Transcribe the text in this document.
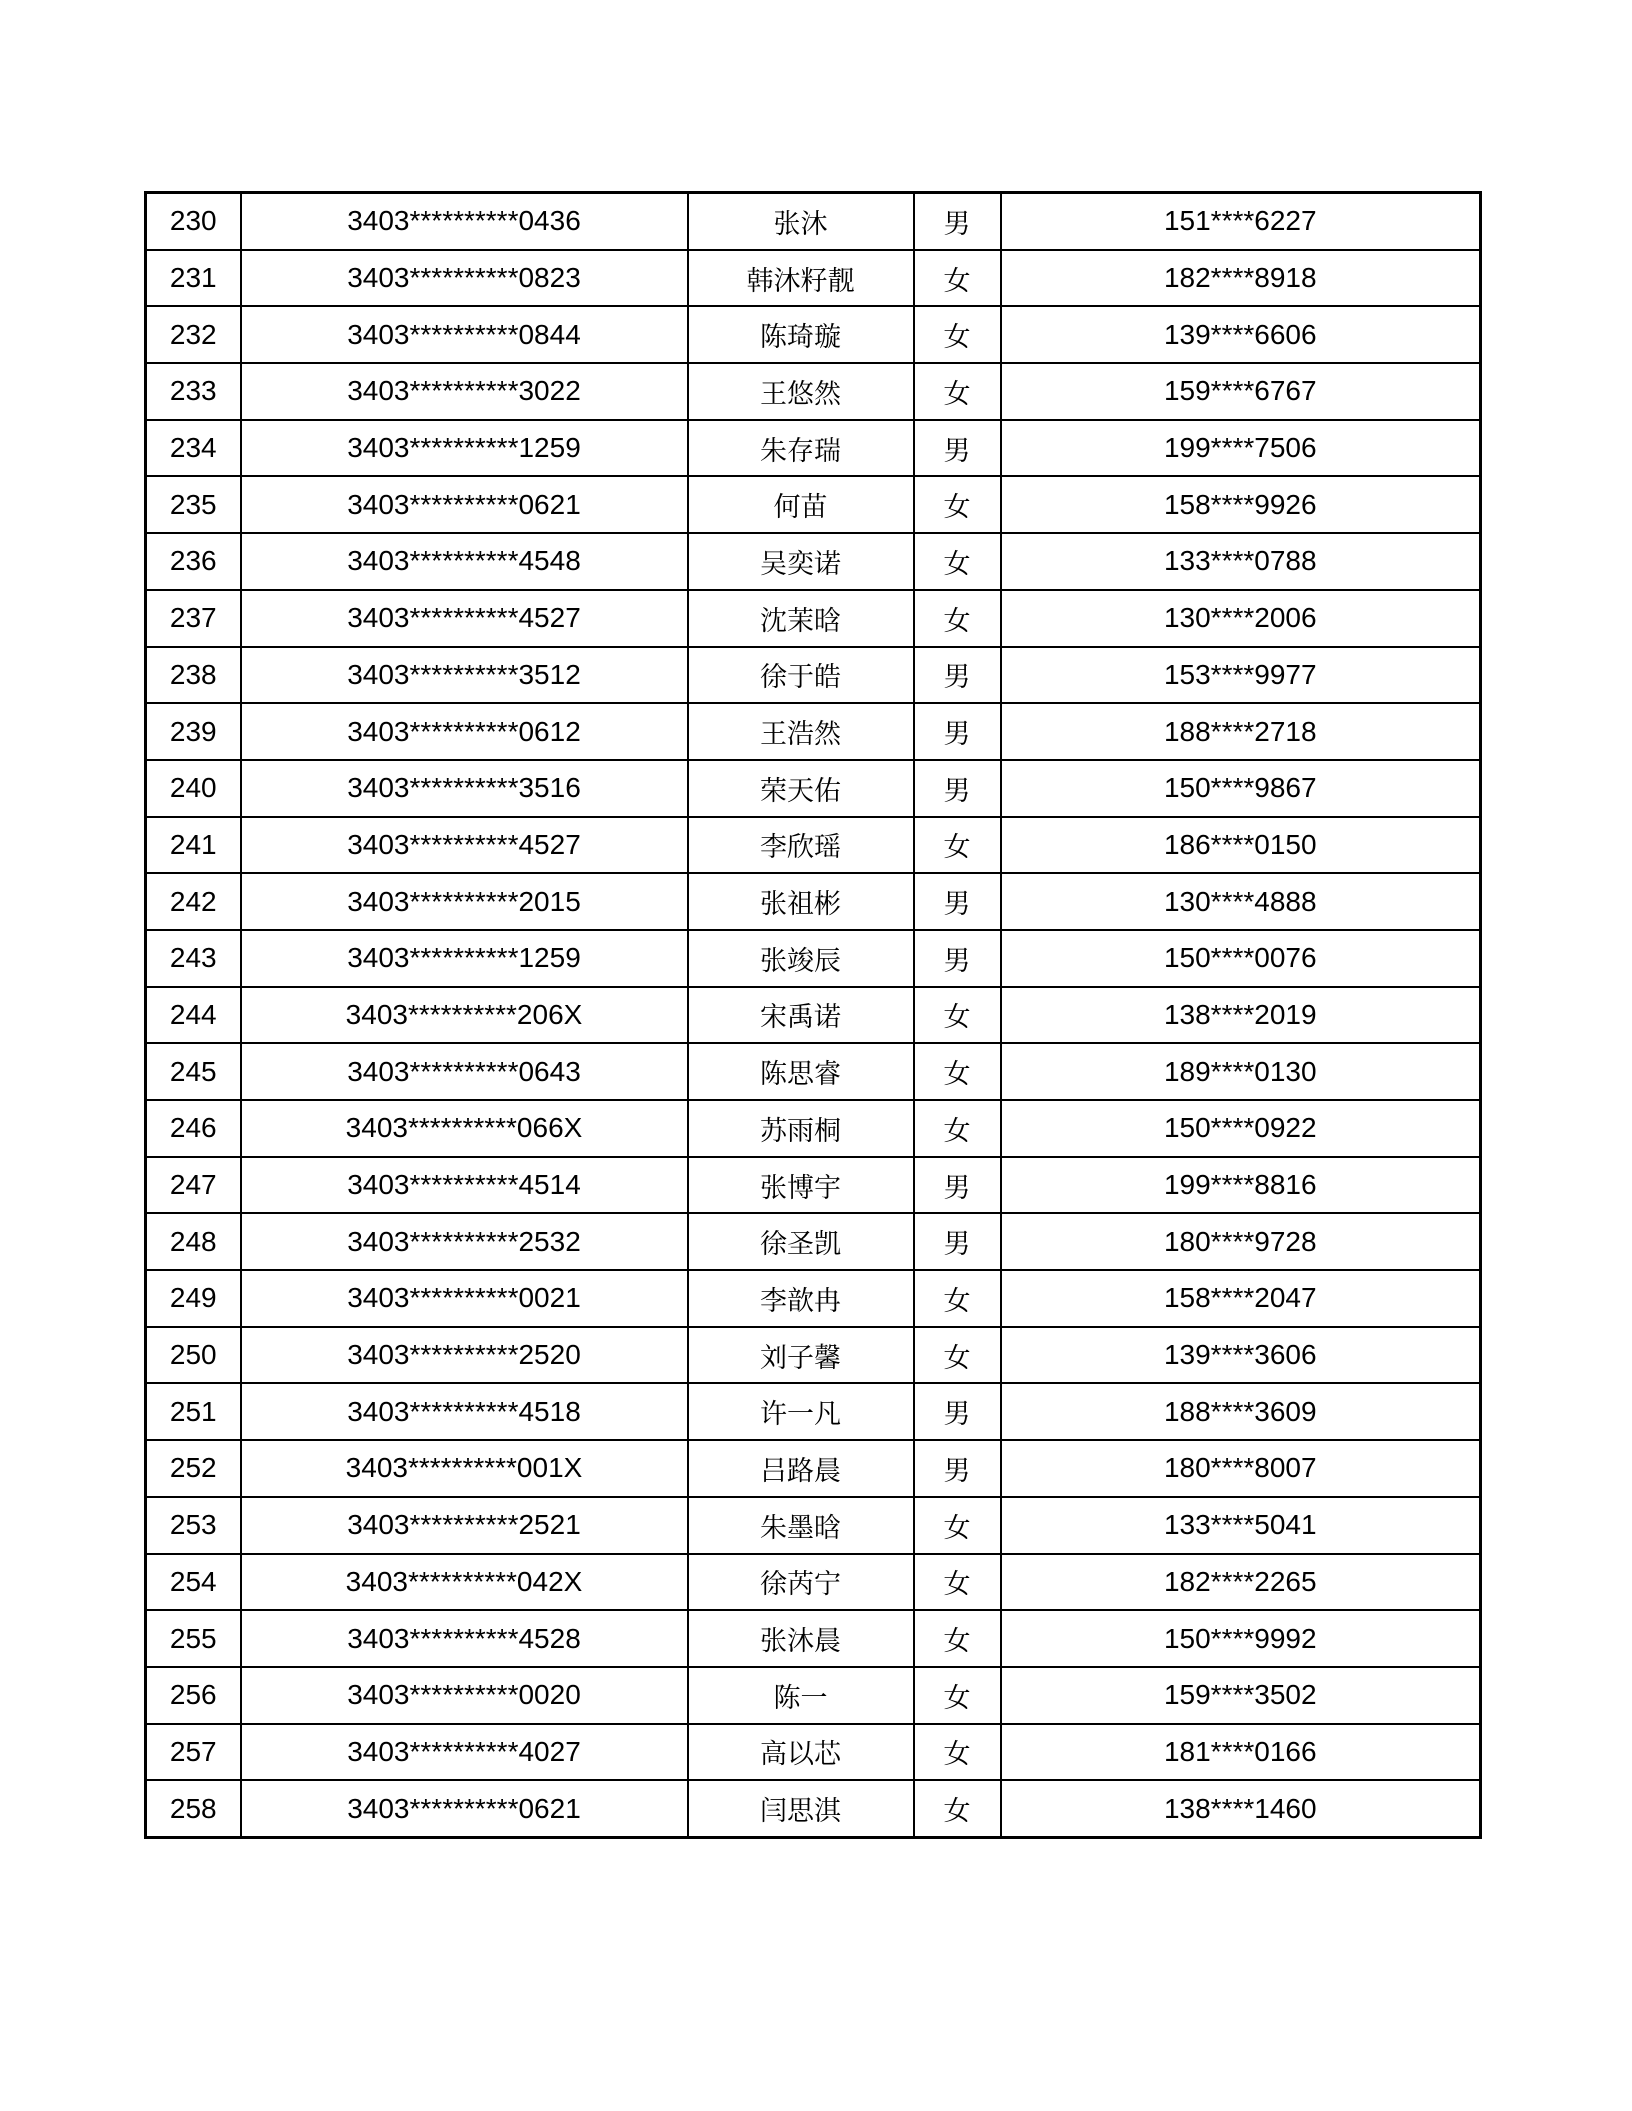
230	3403**********0436	张沐	男	151****6227
231	3403**********0823	韩沐籽靓	女	182****8918
232	3403**********0844	陈琦璇	女	139****6606
233	3403**********3022	王悠然	女	159****6767
234	3403**********1259	朱存瑞	男	199****7506
235	3403**********0621	何苗	女	158****9926
236	3403**********4548	吴奕诺	女	133****0788
237	3403**********4527	沈茉晗	女	130****2006
238	3403**********3512	徐于皓	男	153****9977
239	3403**********0612	王浩然	男	188****2718
240	3403**********3516	荣天佑	男	150****9867
241	3403**********4527	李欣瑶	女	186****0150
242	3403**********2015	张祖彬	男	130****4888
243	3403**********1259	张竣辰	男	150****0076
244	3403**********206X	宋禹诺	女	138****2019
245	3403**********0643	陈思睿	女	189****0130
246	3403**********066X	苏雨桐	女	150****0922
247	3403**********4514	张博宇	男	199****8816
248	3403**********2532	徐圣凯	男	180****9728
249	3403**********0021	李歆冉	女	158****2047
250	3403**********2520	刘子馨	女	139****3606
251	3403**********4518	许一凡	男	188****3609
252	3403**********001X	吕路晨	男	180****8007
253	3403**********2521	朱墨晗	女	133****5041
254	3403**********042X	徐芮宁	女	182****2265
255	3403**********4528	张沐晨	女	150****9992
256	3403**********0020	陈一	女	159****3502
257	3403**********4027	高以芯	女	181****0166
258	3403**********0621	闫思淇	女	138****1460
